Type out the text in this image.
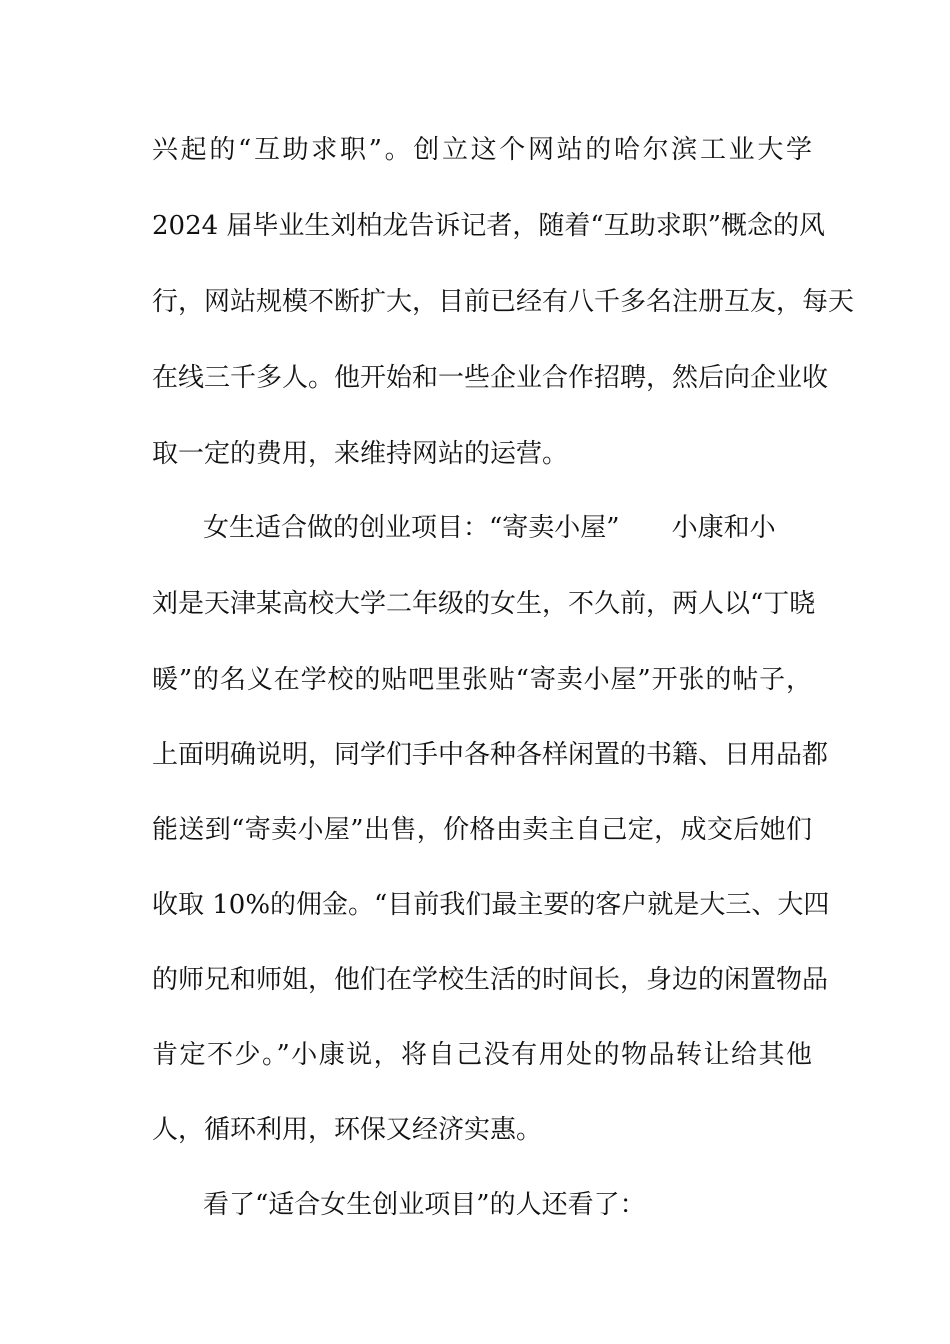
兴起的“互助求职”。创立这个网站的哈尔滨工业大学
2024 届毕业生刘柏龙告诉记者，随着“互助求职”概念的风
行，网站规模不断扩大，目前已经有八千多名注册互友，每天
在线三千多人。他开始和一些企业合作招聘，然后向企业收
取一定的费用，来维持网站的运营。
女生适合做的创业项目：“寄卖小屋”　　小康和小
刘是天津某高校大学二年级的女生，不久前，两人以“丁晓
暖”的名义在学校的贴吧里张贴“寄卖小屋”开张的帖子，
上面明确说明，同学们手中各种各样闲置的书籍、日用品都
能送到“寄卖小屋”出售，价格由卖主自己定，成交后她们
收取 10%的佣金。“目前我们最主要的客户就是大三、大四
的师兄和师姐，他们在学校生活的时间长，身边的闲置物品
肯定不少。”小康说，将自己没有用处的物品转让给其他
人，循环利用，环保又经济实惠。
看了“适合女生创业项目”的人还看了：
